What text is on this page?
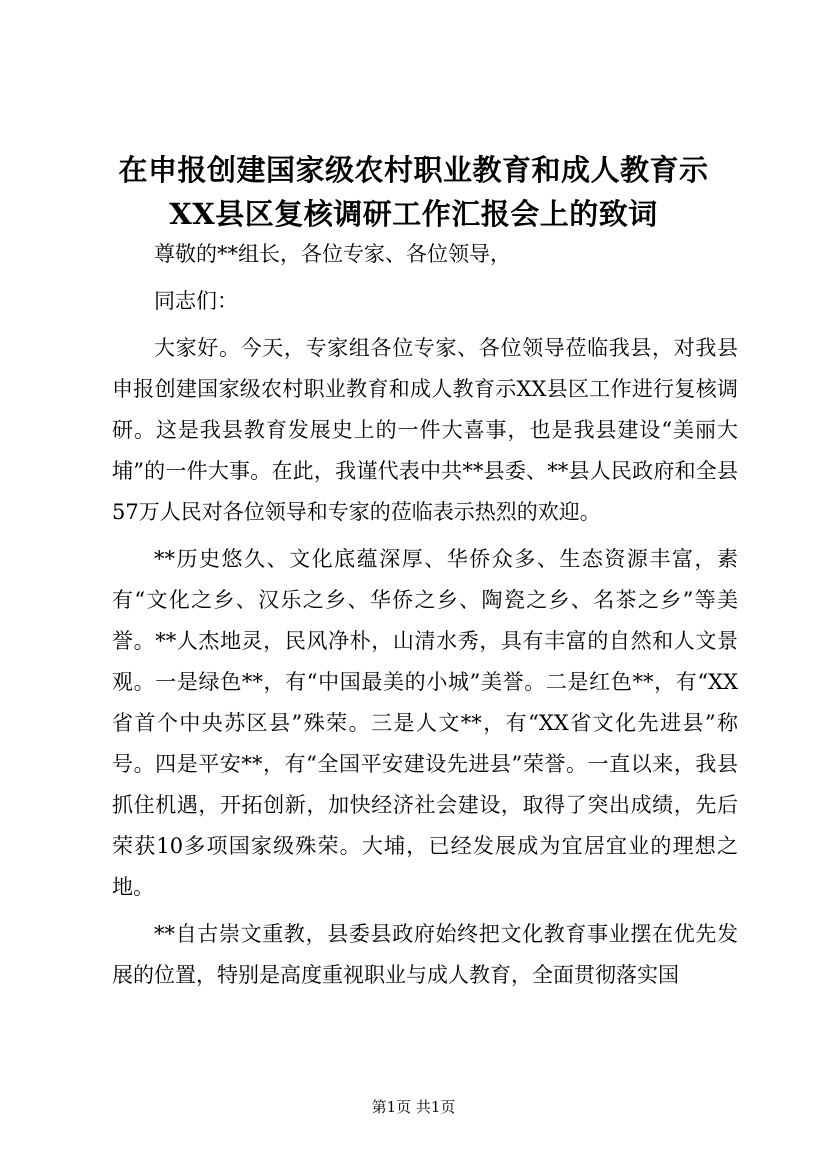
在申报创建国家级农村职业教育和成人教育示
XX县区复核调研工作汇报会上的致词

尊敬的**组长，各位专家、各位领导，

同志们：

大家好。今天，专家组各位专家、各位领导莅临我县，对我县申报创建国家级农村职业教育和成人教育示XX县区工作进行复核调研。这是我县教育发展史上的一件大喜事，也是我县建设“美丽大埔”的一件大事。在此，我谨代表中共**县委、**县人民政府和全县57万人民对各位领导和专家的莅临表示热烈的欢迎。

**历史悠久、文化底蕴深厚、华侨众多、生态资源丰富，素有“文化之乡、汉乐之乡、华侨之乡、陶瓷之乡、名茶之乡”等美誉。**人杰地灵，民风净朴，山清水秀，具有丰富的自然和人文景观。一是绿色**，有“中国最美的小城”美誉。二是红色**，有“XX省首个中央苏区县”殊荣。三是人文**，有“XX省文化先进县”称号。四是平安**，有“全国平安建设先进县”荣誉。一直以来，我县抓住机遇，开拓创新，加快经济社会建设，取得了突出成绩，先后荣获10多项国家级殊荣。大埔，已经发展成为宜居宜业的理想之地。

**自古崇文重教，县委县政府始终把文化教育事业摆在优先发展的位置，特别是高度重视职业与成人教育，全面贯彻落实国

第1页 共1页
